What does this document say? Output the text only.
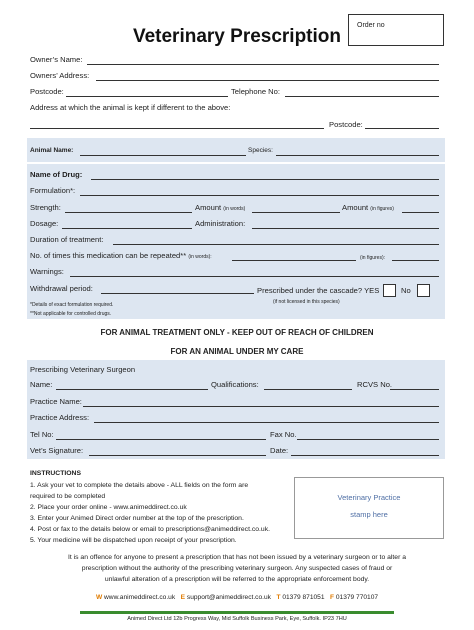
Veterinary Prescription
Order no
Owner’s Name:
Owners’ Address:
Postcode:	Telephone No:
Address at which the animal is kept if different to the above:
Postcode:
Animal Name:	Species:
Name of Drug:
Formulation*:
Strength:	Amount (in words)	Amount (in figures)
Dosage:	Administration:
Duration of treatment:
No. of times this medication can be repeated** (in words):	(in figures):
Warnings:
Withdrawal period:	Prescribed under the cascade? YES	No
(if not licensed in this species)
*Details of exact formulation required.
**Not applicable for controlled drugs.
FOR ANIMAL TREATMENT ONLY - KEEP OUT OF REACH OF CHILDREN
FOR AN ANIMAL UNDER MY CARE
Prescribing Veterinary Surgeon
Name:	Qualifications:	RCVS No.
Practice Name:
Practice Address:
Tel No:	Fax No.
Vet’s Signature:	Date:
INSTRUCTIONS
1. Ask your vet to complete the details above - ALL fields on the form are
required to be completed
2. Place your order online - www.animeddirect.co.uk
3. Enter your Animed Direct order number at the top of the prescription.
4. Post or fax to the details below or email to prescriptions@animeddirect.co.uk.
5. Your medicine will be dispatched upon receipt of your prescription.
Veterinary Practice
stamp here
It is an offence for anyone to present a prescription that has not been issued by a veterinary surgeon or to alter a
prescription without the authority of the prescribing veterinary surgeon. Any suspected cases of fraud or
unlawful alteration of a prescription will be referred to the appropriate enforcement body.
W www.animeddirect.co.uk E support@animeddirect.co.uk T 01379 871051 F 01379 770107
Animed Direct Ltd 12b Progress Way, Mid Suffolk Business Park, Eye, Suffolk. IP23 7HU
